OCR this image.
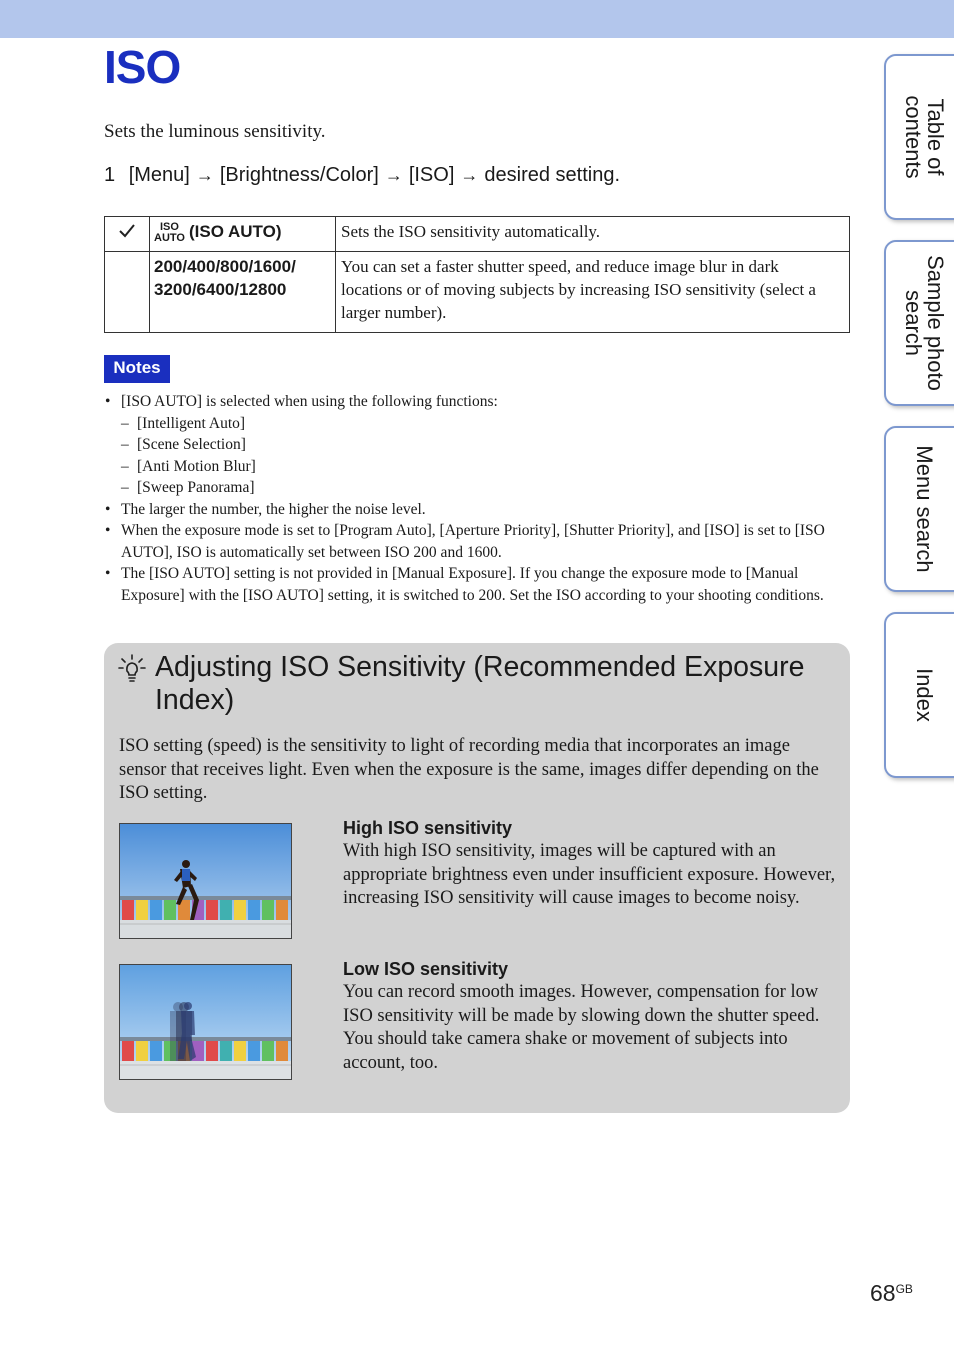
ISO

Sets the luminous sensitivity.

1 [Menu] → [Brightness/Color] → [ISO] → desired setting.

ISO
AUTO (ISO AUTO)	Sets the ISO sensitivity automatically.

	200/400/800/1600/
3200/6400/12800	You can set a faster shutter speed, and reduce image blur in dark locations or of moving subjects by increasing ISO sensitivity (select a larger number).
Notes
• [ISO AUTO] is selected when using the following functions:
– [Intelligent Auto]
– [Scene Selection]
– [Anti Motion Blur]
– [Sweep Panorama]
• The larger the number, the higher the noise level.
• When the exposure mode is set to [Program Auto], [Aperture Priority], [Shutter Priority], and [ISO] is set to [ISO AUTO], ISO is automatically set between ISO 200 and 1600.
• The [ISO AUTO] setting is not provided in [Manual Exposure]. If you change the exposure mode to [Manual Exposure] with the [ISO AUTO] setting, it is switched to 200. Set the ISO according to your shooting conditions.
Adjusting ISO Sensitivity (Recommended Exposure Index)

ISO setting (speed) is the sensitivity to light of recording media that incorporates an image sensor that receives light. Even when the exposure is the same, images differ depending on the ISO setting.

High ISO sensitivity

With high ISO sensitivity, images will be captured with an appropriate brightness even under insufficient exposure. However, increasing ISO sensitivity will cause images to become noisy.

Low ISO sensitivity

You can record smooth images. However, compensation for low ISO sensitivity will be made by slowing down the shutter speed. You should take camera shake or movement of subjects into account, too.

Table of
contents
Sample photo
search
Menu search
Index
$68^{GB}$
